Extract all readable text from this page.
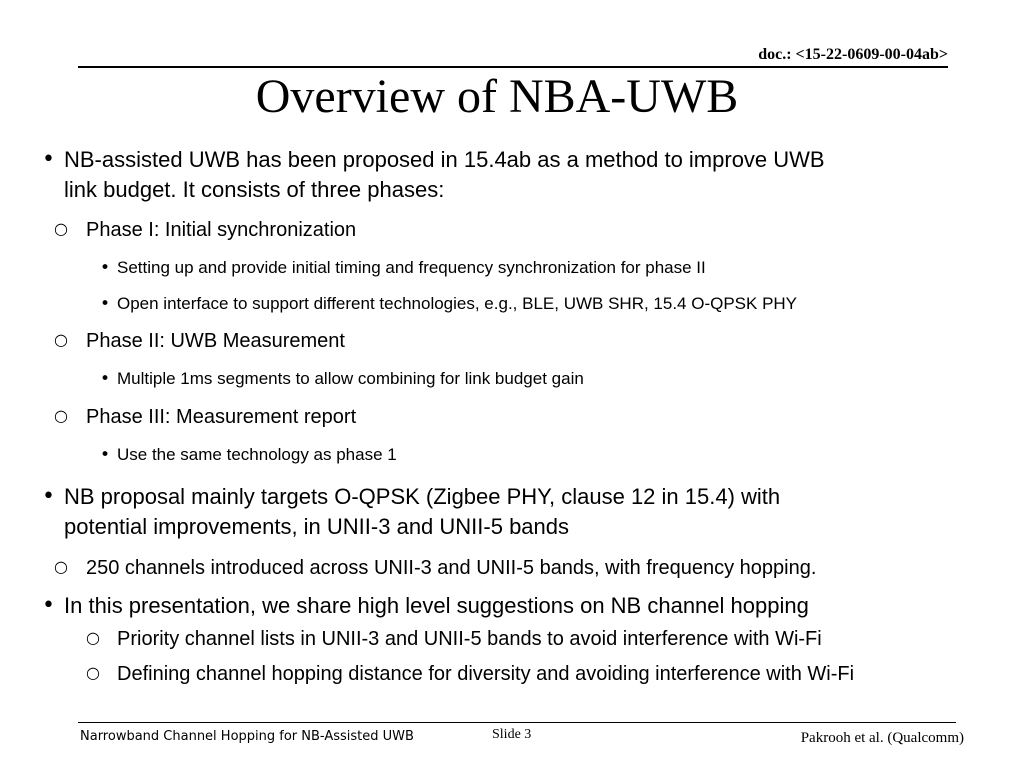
doc.: <15-22-0609-00-04ab>
Overview of NBA-UWB
• NB-assisted UWB has been proposed in 15.4ab as a method to improve UWB
link budget. It consists of three phases:
○ Phase I: Initial synchronization
• Setting up and provide initial timing and frequency synchronization for phase II
• Open interface to support different technologies, e.g., BLE, UWB SHR, 15.4 O-QPSK PHY
○ Phase II: UWB Measurement
• Multiple 1ms segments to allow combining for link budget gain
○ Phase III: Measurement report
• Use the same technology as phase 1
• NB proposal mainly targets O-QPSK (Zigbee PHY, clause 12 in 15.4) with
potential improvements, in UNII-3 and UNII-5 bands
○ 250 channels introduced across UNII-3 and UNII-5 bands, with frequency hopping.
• In this presentation, we share high level suggestions on NB channel hopping
○ Priority channel lists in UNII-3 and UNII-5 bands to avoid interference with Wi-Fi
○ Defining channel hopping distance for diversity and avoiding interference with Wi-Fi
Narrowband Channel Hopping for NB-Assisted UWB	Slide 3	Pakrooh et al. (Qualcomm)
